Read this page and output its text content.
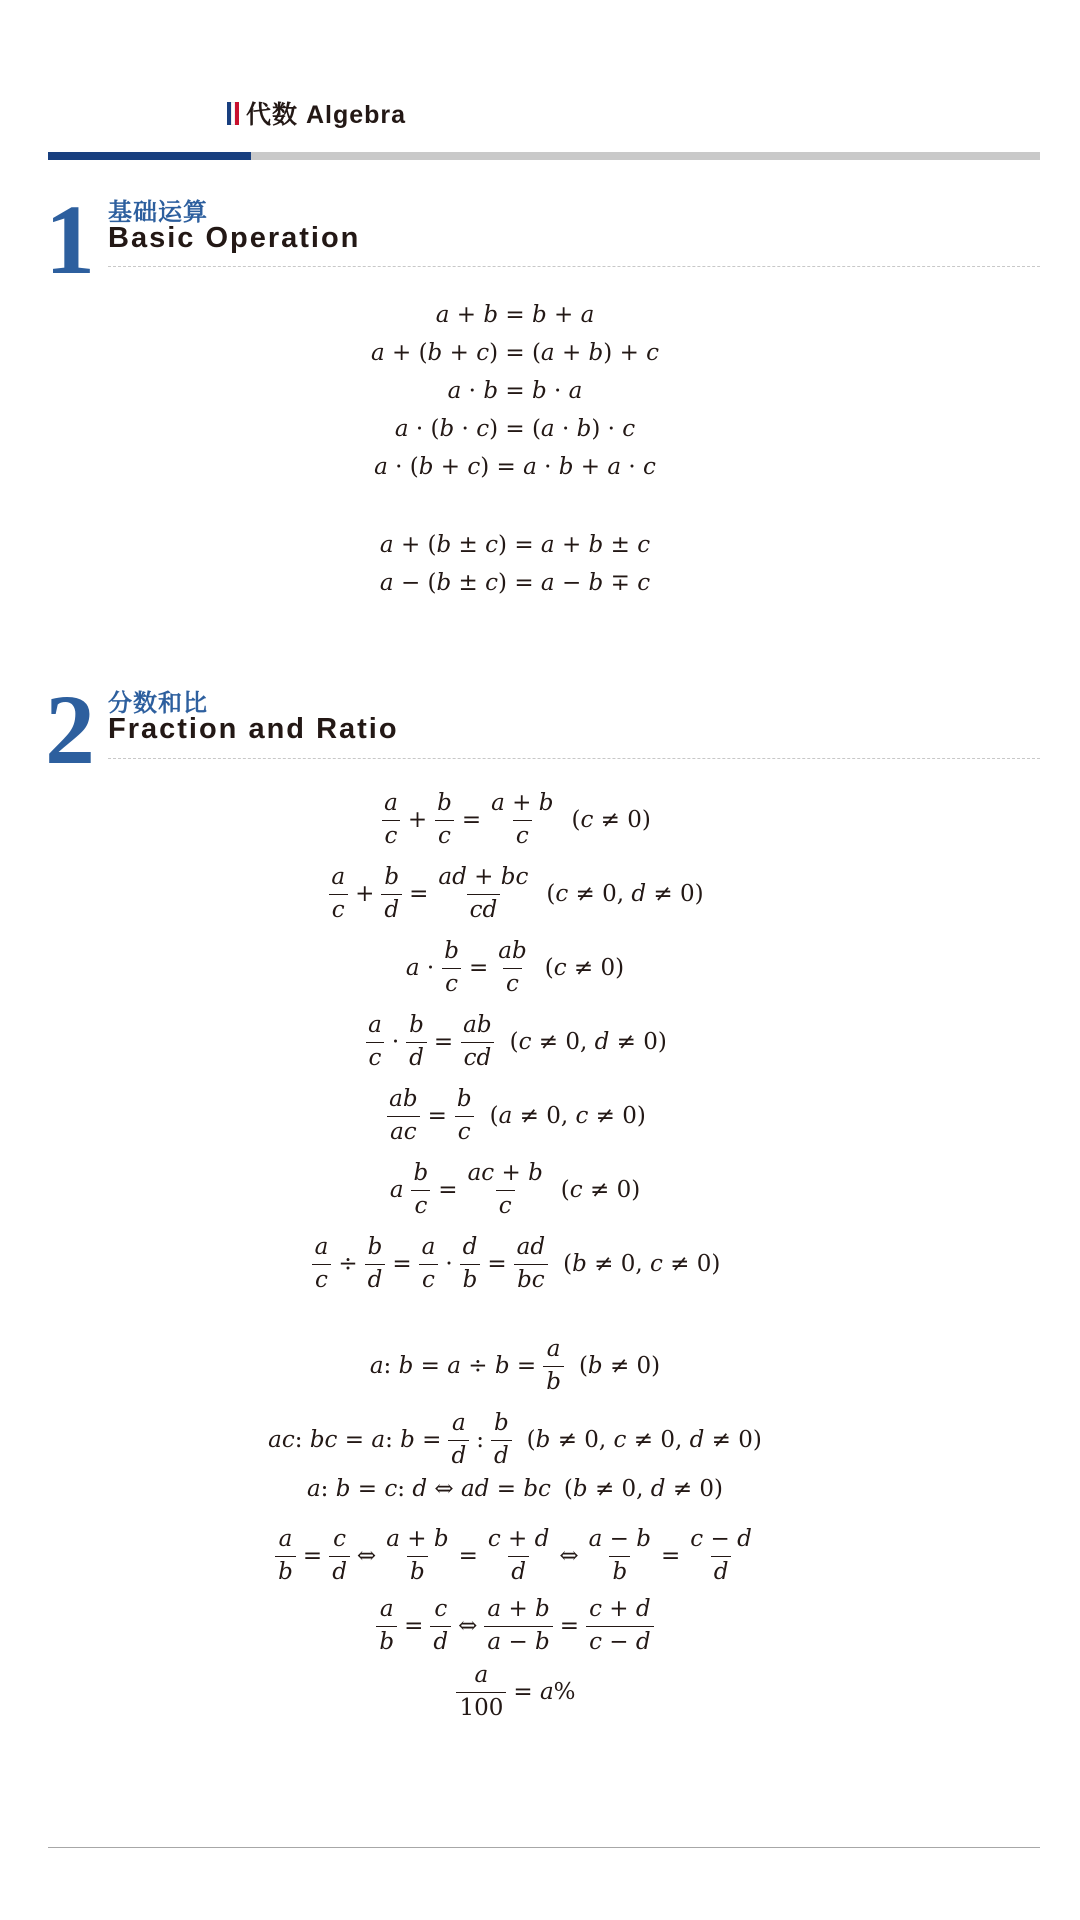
代数 Algebra
1 基础运算
Basic Operation
a + b = b + a
a + (b + c) = (a + b) + c
a · b = b · a
a · (b · c) = (a · b) · c
a · (b + c) = a · b + a · c
a + (b ± c) = a + b ± c
a − (b ± c) = a − b ∓ c
2 分数和比
Fraction and Ratio
$\frac{a}{c} + \frac{b}{c} = \frac{a + b}{c} (c \ne 0)$
$\frac{a}{c} + \frac{b}{d} = \frac{ad + bc}{cd} (c \ne 0$, d ≠ 0)
$a \cdot \frac{b}{c} = \frac{ab}{c} (c \ne 0)$
$\frac{a}{c} \cdot \frac{b}{d} = \frac{ab}{cd} (c \ne 0$, d ≠ 0)
$\frac{ab}{ac} = \frac{b}{c} (a \ne 0$, c ≠ 0)
a $\frac{b}{c} = \frac{ac + b}{c} (c \ne 0)$
$\frac{a}{c} \div \frac{b}{d} = \frac{a}{c} \cdot \frac{d}{b} = \frac{ad}{bc} (b \ne 0$, c ≠ 0)
a: $b = a \div b = \frac{a}{b} (b \ne 0)$
ac: bc = a: $b = \frac{a}{d}$ : $\frac{b}{d} (b \ne 0$, c ≠ 0, d ≠ 0)
a: b = c: d ⇔ ad = bc (b ≠ 0, d ≠ 0)
$\frac{a}{b} = \frac{c}{d}$ ⇔ $\frac{a + b}{b} = \frac{c + d}{d}$ ⇔ $\frac{a - b}{b} = \frac{c - d}{d}$
$\frac{a}{b} = \frac{c}{d}$ ⇔ $\frac{a + b}{a - b} = \frac{c + d}{c - d}$
$\frac{a}{100} = a\%$
